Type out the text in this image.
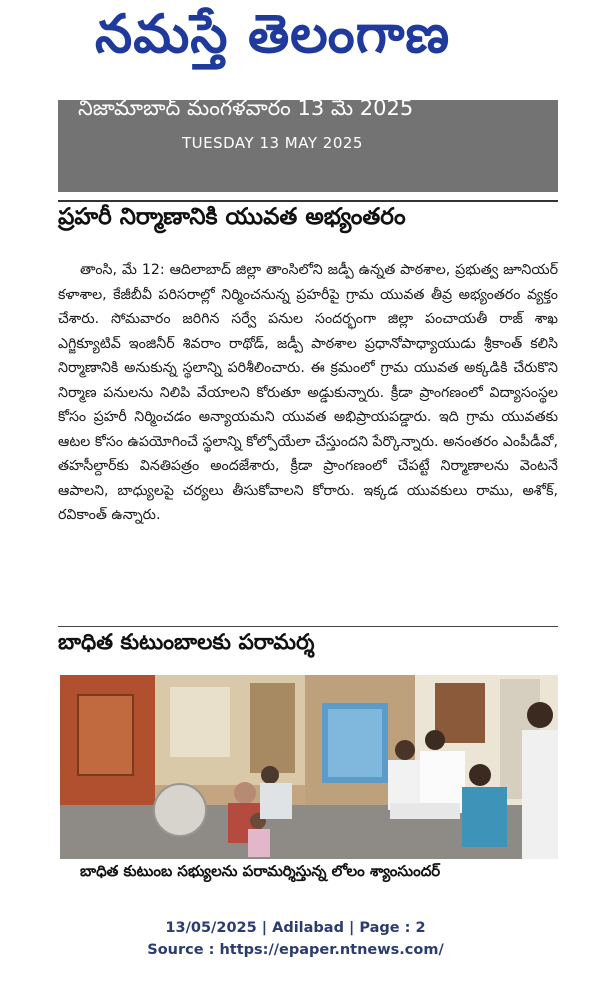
నమస్తే తెలంగాణ
నిజామాబాద్ మంగళవారం 13 మే 2025
TUESDAY 13 MAY 2025
ప్రహరీ నిర్మాణానికి యువత అభ్యంతరం

తాంసి, మే 12: ఆదిలాబాద్ జిల్లా తాంసిలోని జడ్పీ ఉన్నత పాఠశాల, ప్రభుత్వ జూనియర్ కళాశాల, కేజీబీవీ పరిసరాల్లో నిర్మించనున్న ప్రహరీపై గ్రామ యువత తీవ్ర అభ్యంతరం వ్యక్తం చేశారు. సోమవారం జరిగిన సర్వే పనుల సందర్భంగా జిల్లా పంచాయతీ రాజ్ శాఖ ఎగ్జిక్యూటివ్ ఇంజినీర్ శివరాం రాథోడ్, జడ్పీ పాఠశాల ప్రధానోపాధ్యాయుడు శ్రీకాంత్ కలిసి నిర్మాణానికి అనుకున్న స్థలాన్ని పరిశీలించారు. ఈ క్రమంలో గ్రామ యువత అక్కడికి చేరుకొని నిర్మాణ పనులను నిలిపి వేయాలని కోరుతూ అడ్డుకున్నారు. క్రీడా ప్రాంగణంలో విద్యాసంస్థల కోసం ప్రహరీ నిర్మించడం అన్యాయమని యువత అభిప్రాయపడ్డారు. ఇది గ్రామ యువతకు ఆటల కోసం ఉపయోగించే స్థలాన్ని కోల్పోయేలా చేస్తుందని పేర్కొన్నారు. అనంతరం ఎంపీడీవో, తహసీల్దార్‌కు వినతిపత్రం అందజేశారు, క్రీడా ప్రాంగణంలో చేపట్టే నిర్మాణాలను వెంటనే ఆపాలని, బాధ్యులపై చర్యలు తీసుకోవాలని కోరారు. ఇక్కడ యువకులు రాము, అశోక్, రవికాంత్ ఉన్నారు.

బాధిత కుటుంబాలకు పరామర్శ
బాధిత కుటుంబ సభ్యులను పరామర్శిస్తున్న లోలం శ్యాంసుందర్
13/05/2025 | Adilabad | Page : 2
Source : https://epaper.ntnews.com/
